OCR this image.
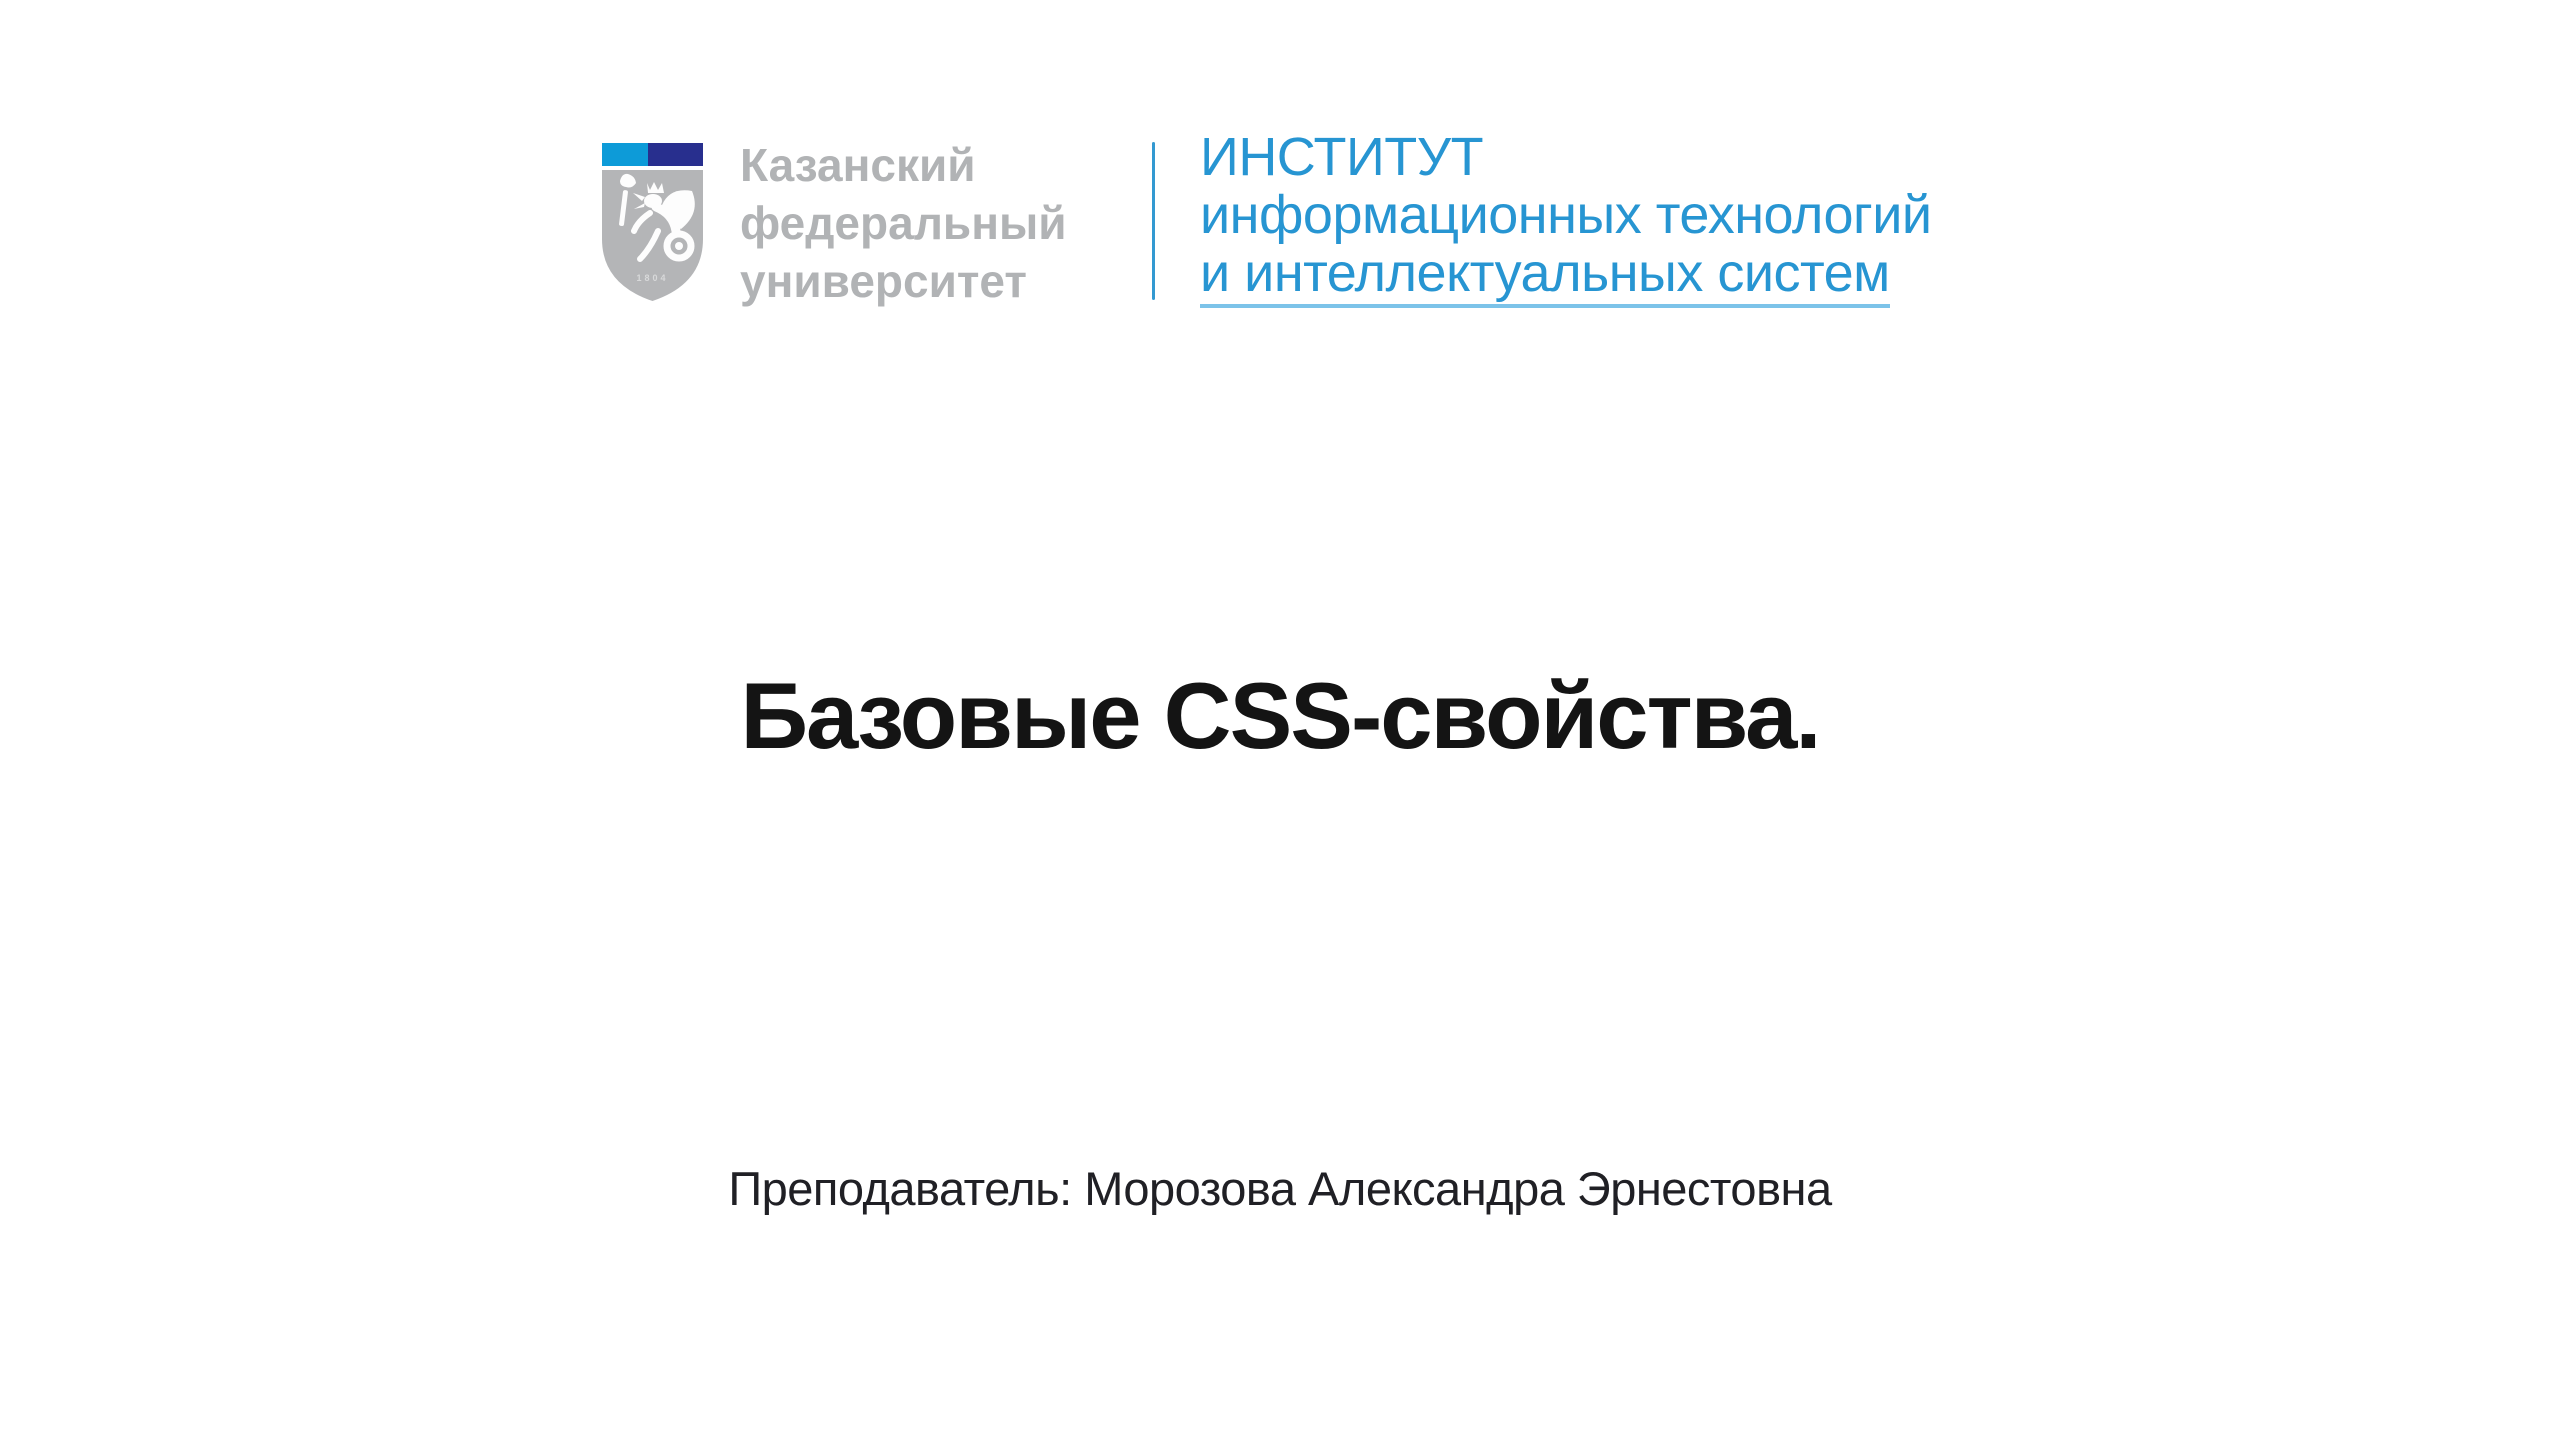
1804
Казанский
федеральный
университет
ИНСТИТУТ
информационных технологий
и интеллектуальных систем
Базовые CSS-свойства.

Преподаватель: Морозова Александра Эрнестовна
